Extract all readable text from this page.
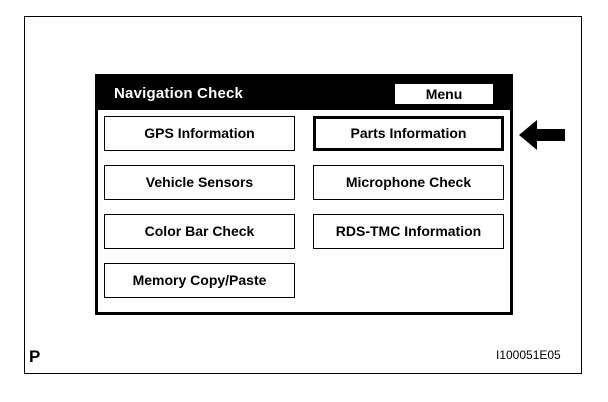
Navigation Check	Menu
GPS Information	Parts Information
Vehicle Sensors	Microphone Check
Color Bar Check	RDS-TMC Information
Memory Copy/Paste
P	I100051E05
